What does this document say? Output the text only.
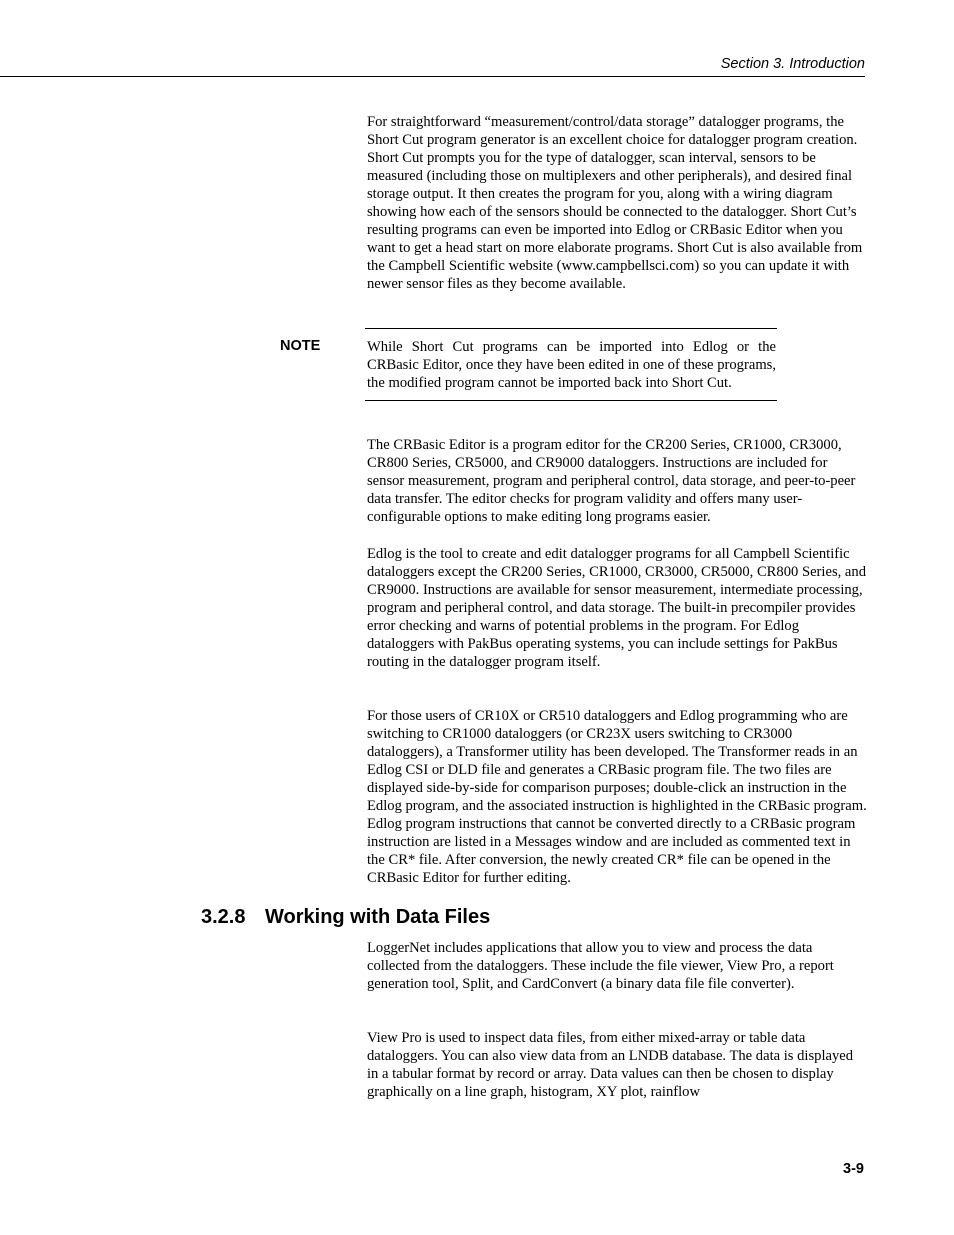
Section 3. Introduction

For straightforward “measurement/control/data storage” datalogger programs, the Short Cut program generator is an excellent choice for datalogger program creation. Short Cut prompts you for the type of datalogger, scan interval, sensors to be measured (including those on multiplexers and other peripherals), and desired final storage output. It then creates the program for you, along with a wiring diagram showing how each of the sensors should be connected to the datalogger. Short Cut’s resulting programs can even be imported into Edlog or CRBasic Editor when you want to get a head start on more elaborate programs. Short Cut is also available from the Campbell Scientific website (www.campbellsci.com) so you can update it with newer sensor files as they become available.

NOTE	While Short Cut programs can be imported into Edlog or the CRBasic Editor, once they have been edited in one of these programs, the modified program cannot be imported back into Short Cut.

The CRBasic Editor is a program editor for the CR200 Series, CR1000, CR3000, CR800 Series, CR5000, and CR9000 dataloggers. Instructions are included for sensor measurement, program and peripheral control, data storage, and peer-to-peer data transfer. The editor checks for program validity and offers many user-configurable options to make editing long programs easier.

Edlog is the tool to create and edit datalogger programs for all Campbell Scientific dataloggers except the CR200 Series, CR1000, CR3000, CR5000, CR800 Series, and CR9000. Instructions are available for sensor measurement, intermediate processing, program and peripheral control, and data storage. The built-in precompiler provides error checking and warns of potential problems in the program. For Edlog dataloggers with PakBus operating systems, you can include settings for PakBus routing in the datalogger program itself.

For those users of CR10X or CR510 dataloggers and Edlog programming who are switching to CR1000 dataloggers (or CR23X users switching to CR3000 dataloggers), a Transformer utility has been developed. The Transformer reads in an Edlog CSI or DLD file and generates a CRBasic program file. The two files are displayed side-by-side for comparison purposes; double-click an instruction in the Edlog program, and the associated instruction is highlighted in the CRBasic program. Edlog program instructions that cannot be converted directly to a CRBasic program instruction are listed in a Messages window and are included as commented text in the CR* file. After conversion, the newly created CR* file can be opened in the CRBasic Editor for further editing.

3.2.8 Working with Data Files

LoggerNet includes applications that allow you to view and process the data collected from the dataloggers. These include the file viewer, View Pro, a report generation tool, Split, and CardConvert (a binary data file file converter).

View Pro is used to inspect data files, from either mixed-array or table data dataloggers. You can also view data from an LNDB database. The data is displayed in a tabular format by record or array. Data values can then be chosen to display graphically on a line graph, histogram, XY plot, rainflow

3-9
